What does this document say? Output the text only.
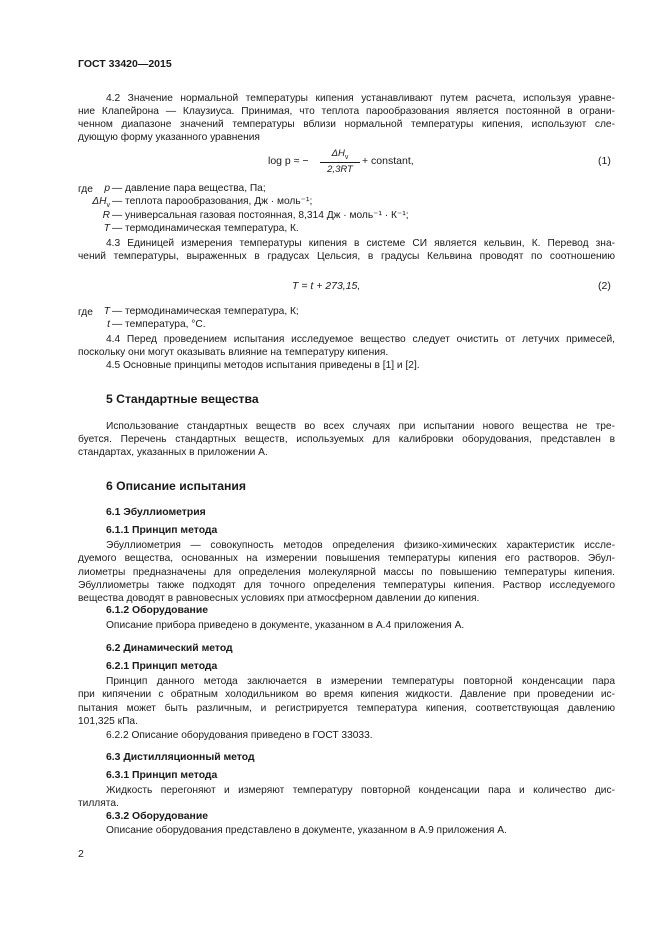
ГОСТ 33420—2015
4.2 Значение нормальной температуры кипения устанавливают путем расчета, используя уравне-
ние Клапейрона — Клаузиуса. Принимая, что теплота парообразования является постоянной в ограни-
ченном диапазоне значений температуры вблизи нормальной температуры кипения, используют сле-
дующую форму указанного уравнения
log p ≈ −
$\Delta H_v$
2,3RT
+ constant,	(1)
где	p — давление пара вещества, Па;
$\Delta H_v$ — теплота парообразования, Дж · моль⁻¹;
R — универсальная газовая постоянная, 8,314 Дж · моль⁻¹ · К⁻¹;
T — термодинамическая температура, К.
4.3 Единицей измерения температуры кипения в системе СИ является кельвин, К. Перевод зна-
чений температуры, выраженных в градусах Цельсия, в градусы Кельвина проводят по соотношению
T = t + 273,15,	(2)
где	T — термодинамическая температура, К;
t — температура, °С.
4.4 Перед проведением испытания исследуемое вещество следует очистить от летучих примесей,
поскольку они могут оказывать влияние на температуру кипения.
4.5 Основные принципы методов испытания приведены в [1] и [2].
5 Стандартные вещества
Использование стандартных веществ во всех случаях при испытании нового вещества не тре-
буется. Перечень стандартных веществ, используемых для калибровки оборудования, представлен в
стандартах, указанных в приложении А.
6 Описание испытания
6.1 Эбуллиометрия
6.1.1 Принцип метода
Эбуллиометрия — совокупность методов определения физико-химических характеристик иссле-
дуемого вещества, основанных на измерении повышения температуры кипения его растворов. Эбул-
лиометры предназначены для определения молекулярной массы по повышению температуры кипения.
Эбуллиометры также подходят для точного определения температуры кипения. Раствор исследуемого
вещества доводят в равновесных условиях при атмосферном давлении до кипения.
6.1.2 Оборудование
Описание прибора приведено в документе, указанном в А.4 приложения А.
6.2 Динамический метод
6.2.1 Принцип метода
Принцип данного метода заключается в измерении температуры повторной конденсации пара
при кипячении с обратным холодильником во время кипения жидкости. Давление при проведении ис-
пытания может быть различным, и регистрируется температура кипения, соответствующая давлению
101,325 кПа.
6.2.2 Описание оборудования приведено в ГОСТ 33033.
6.3 Дистилляционный метод
6.3.1 Принцип метода
Жидкость перегоняют и измеряют температуру повторной конденсации пара и количество дис-
тиллята.
6.3.2 Оборудование
Описание оборудования представлено в документе, указанном в А.9 приложения А.
2
